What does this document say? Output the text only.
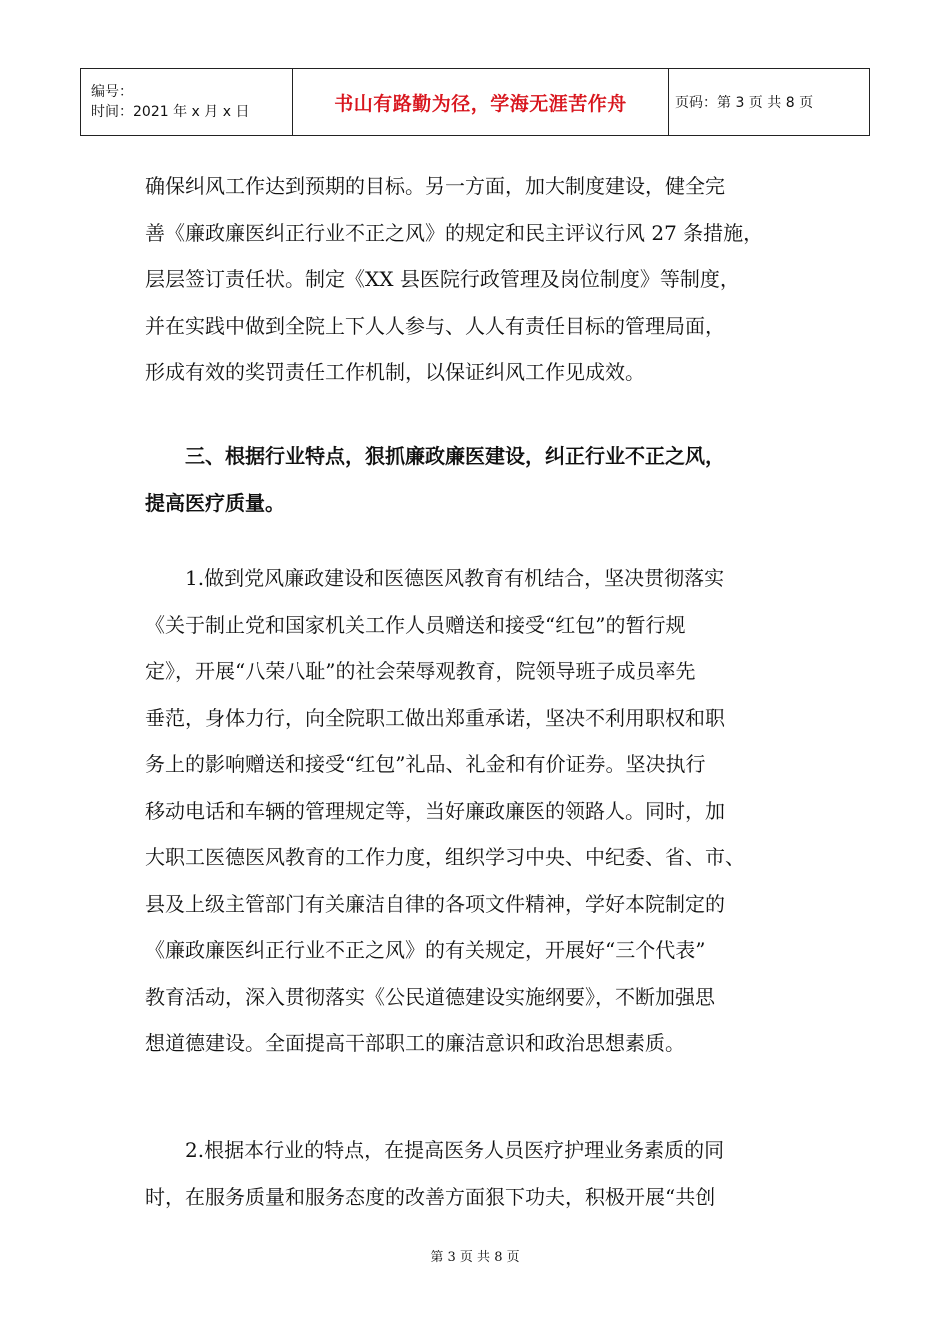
编号：
时间：2021 年 x 月 x 日	书山有路勤为径，学海无涯苦作舟	页码：第 3 页 共 8 页
确保纠风工作达到预期的目标。另一方面，加大制度建设，健全完
善《廉政廉医纠正行业不正之风》的规定和民主评议行风 27 条措施，
层层签订责任状。制定《XX 县医院行政管理及岗位制度》等制度，
并在实践中做到全院上下人人参与、人人有责任目标的管理局面，
形成有效的奖罚责任工作机制，以保证纠风工作见成效。
　　三、根据行业特点，狠抓廉政廉医建设，纠正行业不正之风，
提高医疗质量。
　　1.做到党风廉政建设和医德医风教育有机结合，坚决贯彻落实
《关于制止党和国家机关工作人员赠送和接受“红包”的暂行规
定》，开展“八荣八耻”的社会荣辱观教育，院领导班子成员率先
垂范，身体力行，向全院职工做出郑重承诺，坚决不利用职权和职
务上的影响赠送和接受“红包”礼品、礼金和有价证券。坚决执行
移动电话和车辆的管理规定等，当好廉政廉医的领路人。同时，加
大职工医德医风教育的工作力度，组织学习中央、中纪委、省、市、
县及上级主管部门有关廉洁自律的各项文件精神，学好本院制定的
《廉政廉医纠正行业不正之风》的有关规定，开展好“三个代表”
教育活动，深入贯彻落实《公民道德建设实施纲要》，不断加强思
想道德建设。全面提高干部职工的廉洁意识和政治思想素质。
　　2.根据本行业的特点，在提高医务人员医疗护理业务素质的同
时，在服务质量和服务态度的改善方面狠下功夫，积极开展“共创
第 3 页 共 8 页
